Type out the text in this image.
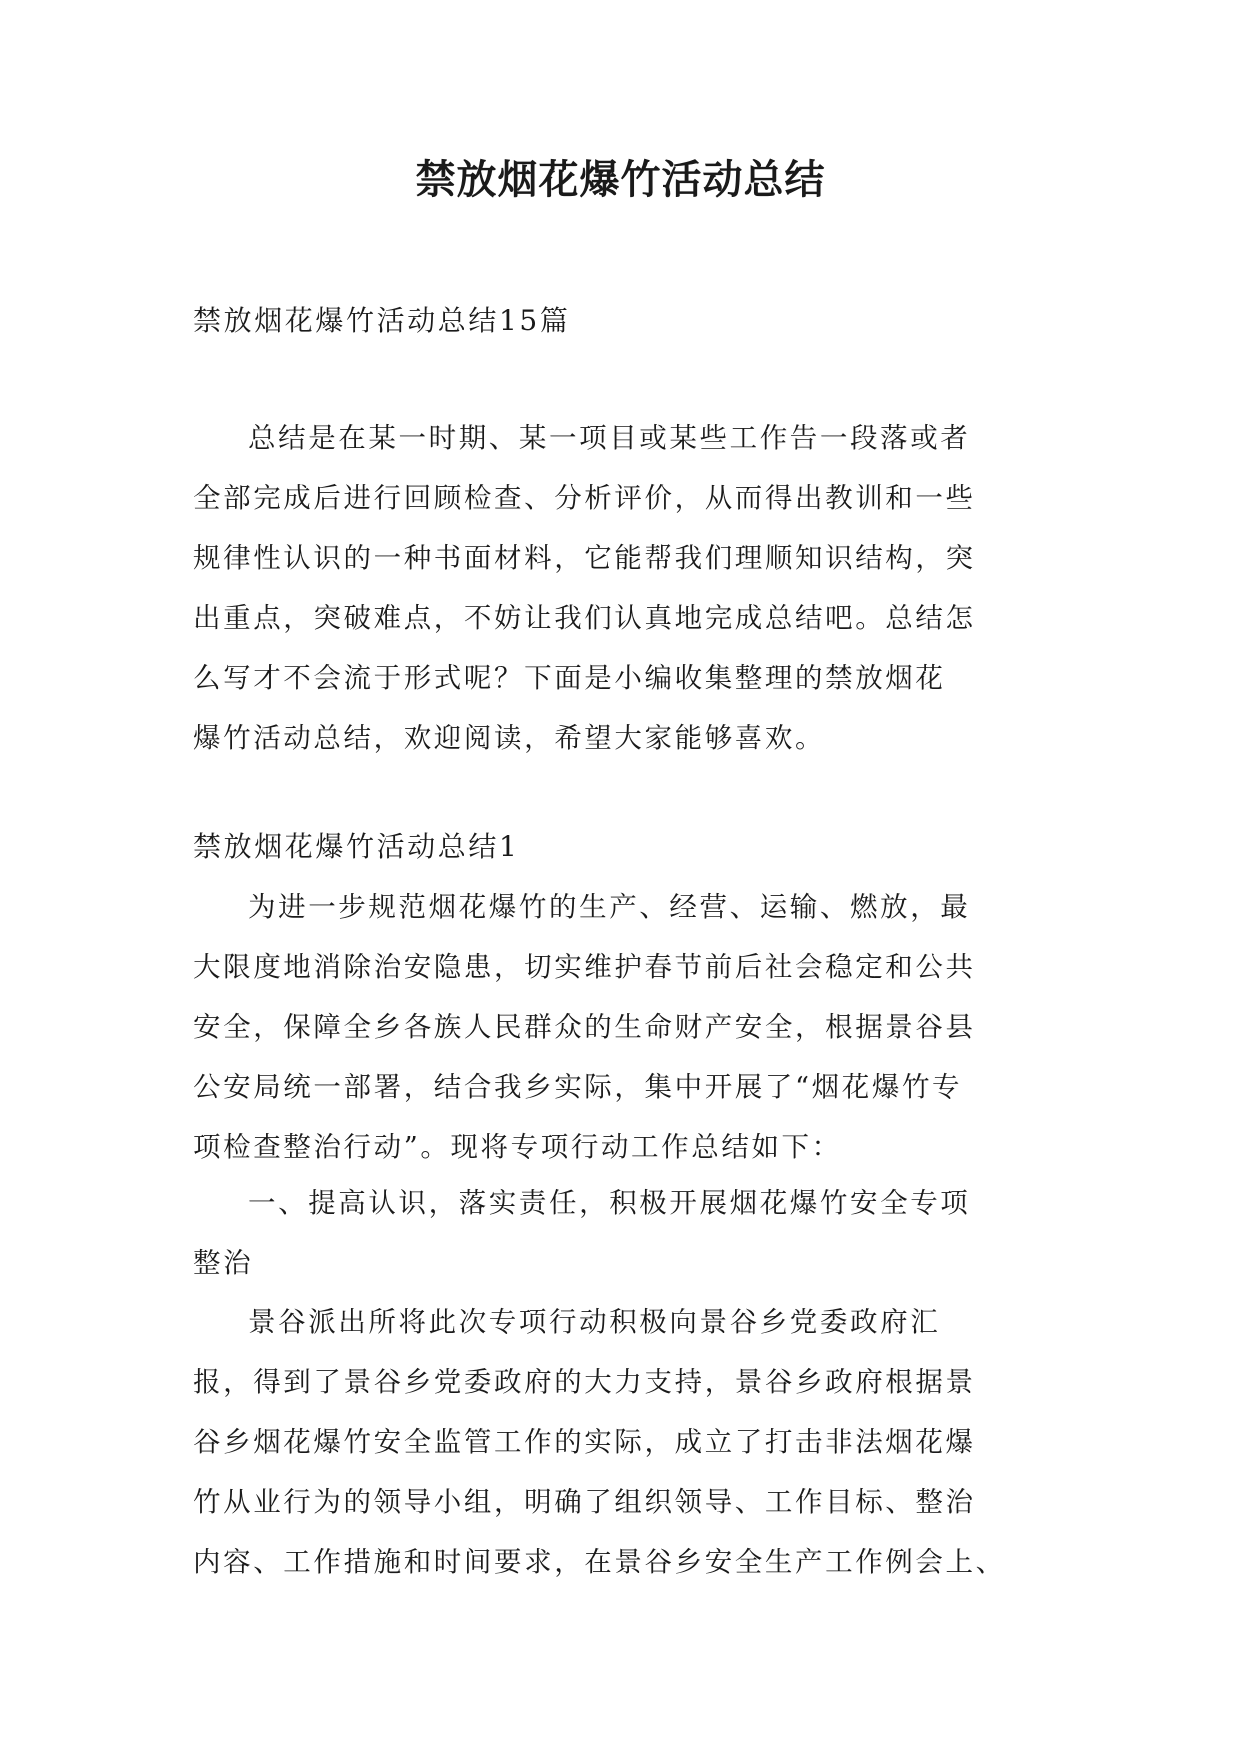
禁放烟花爆竹活动总结
禁放烟花爆竹活动总结15篇
总结是在某一时期、某一项目或某些工作告一段落或者
全部完成后进行回顾检查、分析评价，从而得出教训和一些
规律性认识的一种书面材料，它能帮我们理顺知识结构，突
出重点，突破难点，不妨让我们认真地完成总结吧。总结怎
么写才不会流于形式呢？下面是小编收集整理的禁放烟花
爆竹活动总结，欢迎阅读，希望大家能够喜欢。
禁放烟花爆竹活动总结1
为进一步规范烟花爆竹的生产、经营、运输、燃放，最
大限度地消除治安隐患，切实维护春节前后社会稳定和公共
安全，保障全乡各族人民群众的生命财产安全，根据景谷县
公安局统一部署，结合我乡实际，集中开展了“烟花爆竹专
项检查整治行动”。现将专项行动工作总结如下：
一、提高认识，落实责任，积极开展烟花爆竹安全专项
整治
景谷派出所将此次专项行动积极向景谷乡党委政府汇
报，得到了景谷乡党委政府的大力支持，景谷乡政府根据景
谷乡烟花爆竹安全监管工作的实际，成立了打击非法烟花爆
竹从业行为的领导小组，明确了组织领导、工作目标、整治
内容、工作措施和时间要求，在景谷乡安全生产工作例会上、
